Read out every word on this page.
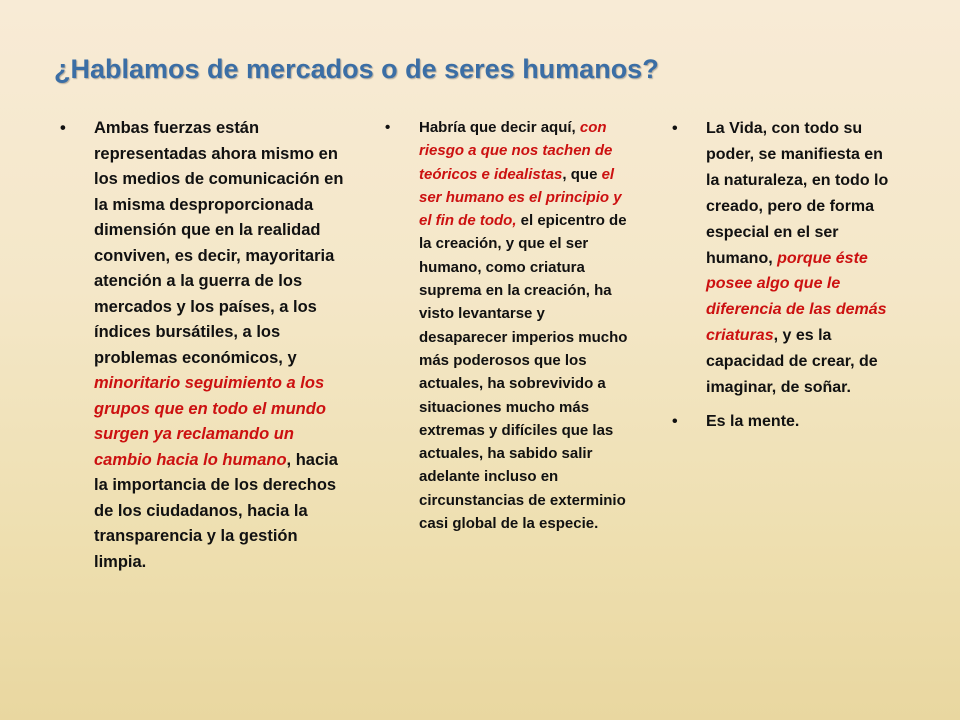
¿Hablamos de mercados o de seres humanos?
• Ambas fuerzas están representadas ahora mismo en los medios de comunicación en la misma desproporcionada dimensión que en la realidad conviven, es decir, mayoritaria atención a la guerra de los mercados y los países, a los índices bursátiles, a los problemas económicos, y minoritario seguimiento a los grupos que en todo el mundo surgen ya reclamando un cambio hacia lo humano, hacia la importancia de los derechos de los ciudadanos, hacia la transparencia y la gestión limpia.
• Habría que decir aquí, con riesgo a que nos tachen de teóricos e idealistas, que el ser humano es el principio y el fin de todo, el epicentro de la creación, y que el ser humano, como criatura suprema en la creación, ha visto levantarse y desaparecer imperios mucho más poderosos que los actuales, ha sobrevivido a situaciones mucho más extremas y difíciles que las actuales, ha sabido salir adelante incluso en circunstancias de exterminio casi global de la especie.
• La Vida, con todo su poder, se manifiesta en la naturaleza, en todo lo creado, pero de forma especial en el ser humano, porque éste posee algo que le diferencia de las demás criaturas, y es la capacidad de crear, de imaginar, de soñar.
• Es la mente.
